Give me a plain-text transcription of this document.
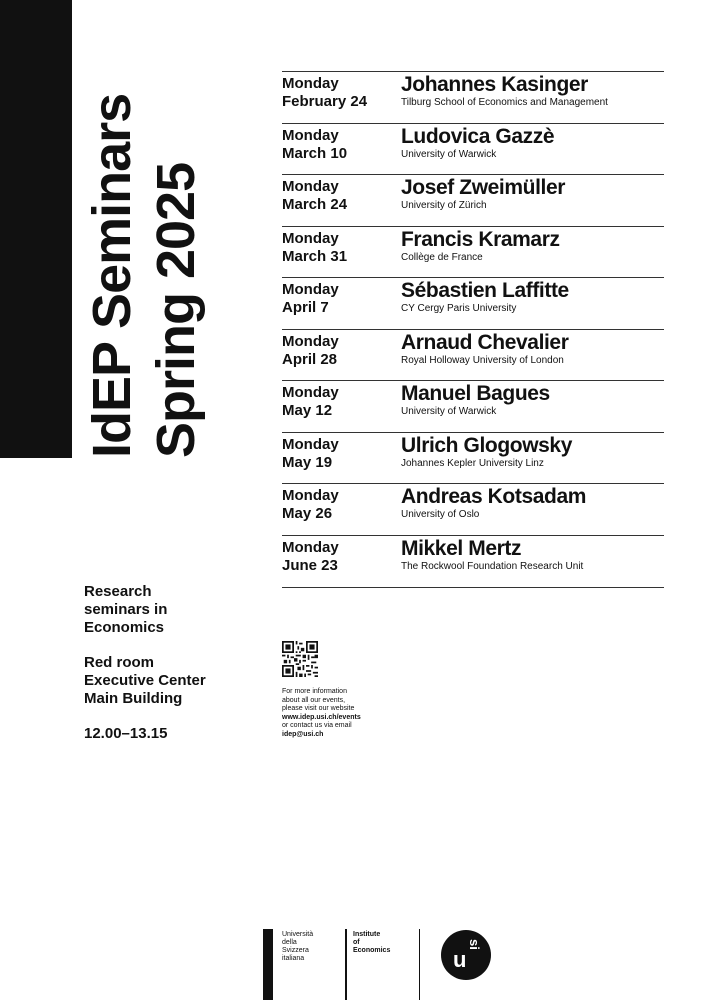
IdEP Seminars Spring 2025
Monday
February 24
Johannes Kasinger
Tilburg School of Economics and Management
Monday
March 10
Ludovica Gazzè
University of Warwick
Monday
March 24
Josef Zweimüller
University of Zürich
Monday
March 31
Francis Kramarz
Collège de France
Monday
April 7
Sébastien Laffitte
CY Cergy Paris University
Monday
April 28
Arnaud Chevalier
Royal Holloway University of London
Monday
May 12
Manuel Bagues
University of Warwick
Monday
May 19
Ulrich Glogowsky
Johannes Kepler University Linz
Monday
May 26
Andreas Kotsadam
University of Oslo
Monday
June 23
Mikkel Mertz
The Rockwool Foundation Research Unit

Research
seminars in
Economics

Red room
Executive Center
Main Building

12.00–13.15

For more information
about all our events,
please visit our website
www.idep.usi.ch/events
or contact us via email
idep@usi.ch
Università
della
Svizzera
italiana
Institute
of
Economics	u
si
